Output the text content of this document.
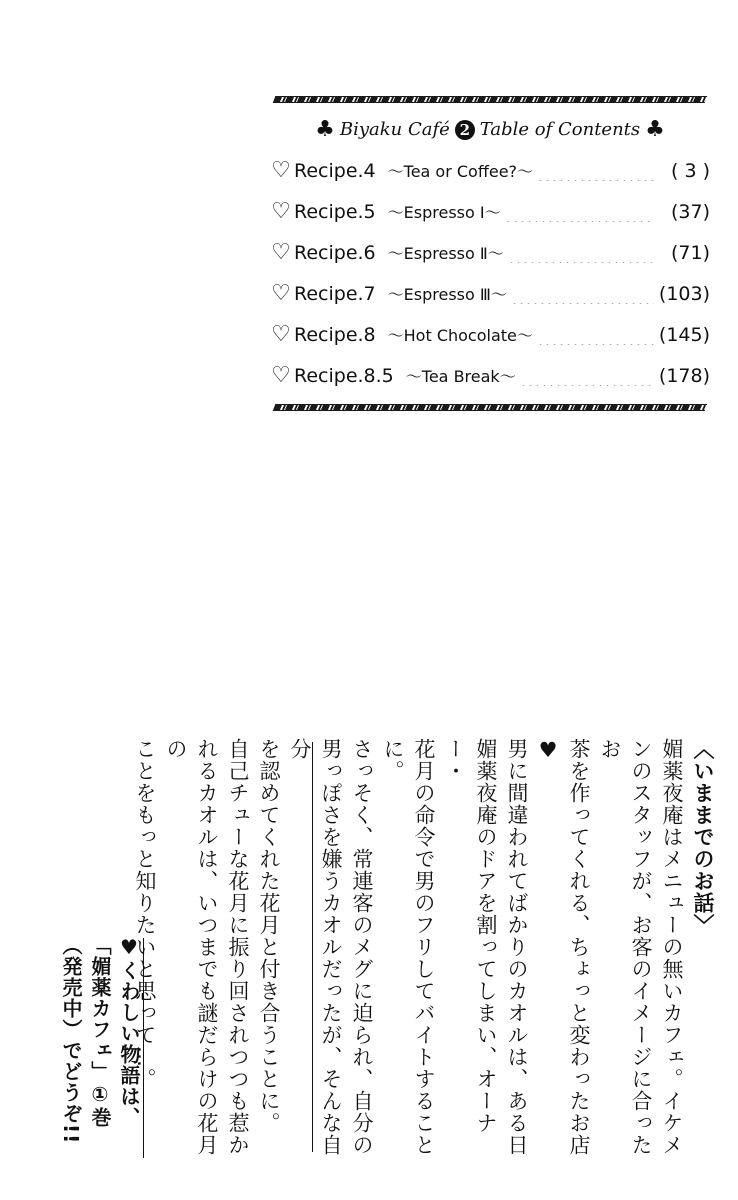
♣ Biyaku Café 2 Table of Contents ♣
♡ Recipe.4 〜Tea or Coffee?〜	( 3 )
♡ Recipe.5 〜Espresso Ⅰ〜	(37)
♡ Recipe.6 〜Espresso Ⅱ〜	(71)
♡ Recipe.7 〜Espresso Ⅲ〜	(103)
♡ Recipe.8 〜Hot Chocolate〜	(145)
♡ Recipe.8.5 〜Tea Break〜	(178)

〈いままでのお話〉

媚薬夜庵はメニューの無いカフェ。イケメ

ンのスタッフが、お客のイメージに合ったお

茶を作ってくれる、ちょっと変わったお店♥

男に間違われてばかりのカオルは、ある日

媚薬夜庵のドアを割ってしまい、オーナー・

花月の命令で男のフリしてバイトすることに。

さっそく、常連客のメグに迫られ、自分の

男っぽさを嫌うカオルだったが、そんな自分

を認めてくれた花月と付き合うことに。

自己チューな花月に振り回されつつも惹か

れるカオルは、いつまでも謎だらけの花月の

ことをもっと知りたいと思って…。

♥くわしい物語は、

「媚薬カフェ」①巻

（発売中）でどうぞ!!
